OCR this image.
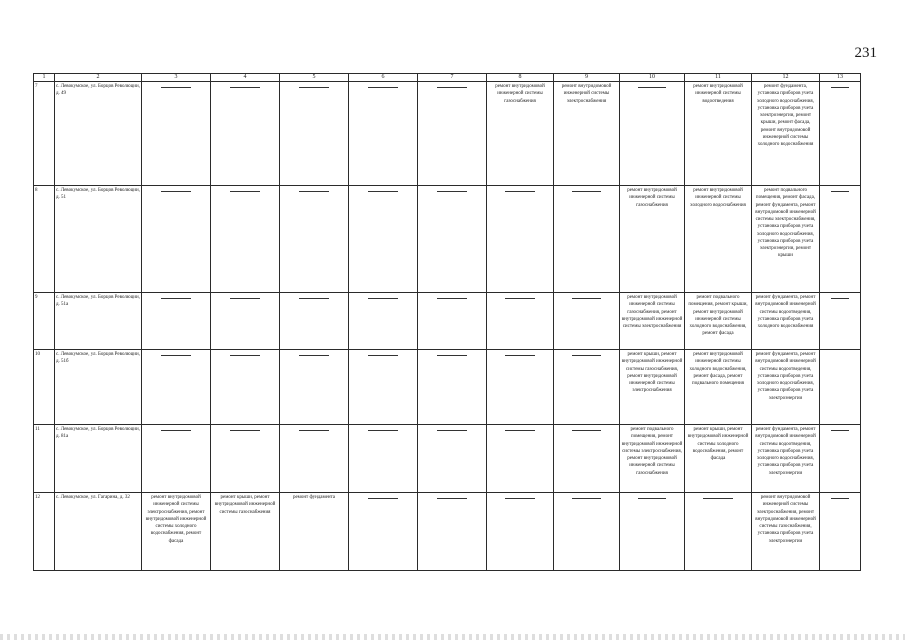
231
1	2	3	4	5	6	7	8	9	10	11	12	13
7	с. Левокумское, ул. Борцов Революции, д. 49						ремонт внутридомовой инженерной системы газоснабжения	ремонт внутридомовой инженерной системы электроснабжения		ремонт внутридомовой инженерной системы водоотведения	ремонт фундамента, установка приборов учета холодного водоснабжения, установка приборов учета электроэнергии, ремонт крыши, ремонт фасада, ремонт внутридомовой инженерной системы холодного водоснабжения	

8	с. Левокумское, ул. Борцов Революции, д. 51								ремонт внутридомовой инженерной системы газоснабжения	ремонт внутридомовой инженерной системы холодного водоснабжения	ремонт подвального помещения, ремонт фасада, ремонт фундамента, ремонт внутридомовой инженерной системы электроснабжения, установка приборов учета холодного водоснабжения, установка приборов учета электроэнергии, ремонт крыши	

9	с. Левокумское, ул. Борцов Революции, д. 51а								ремонт внутридомовой инженерной системы газоснабжения, ремонт внутридомовой инженерной системы электроснабжения	ремонт подвального помещения, ремонт крыши, ремонт внутридомовой инженерной системы холодного водоснабжения, ремонт фасада	ремонт фундамента, ремонт внутридомовой инженерной системы водоотведения, установка приборов учета холодного водоснабжения	

10	с. Левокумское, ул. Борцов Революции, д. 51б								ремонт крыши, ремонт внутридомовой инженерной системы газоснабжения, ремонт внутридомовой инженерной системы электроснабжения	ремонт внутридомовой инженерной системы холодного водоснабжения, ремонт фасада, ремонт подвального помещения	ремонт фундамента, ремонт внутридомовой инженерной системы водоотведения, установка приборов учета холодного водоснабжения, установка приборов учета электроэнергии	
11	с. Левокумское, ул. Борцов Революции, д. 81а								ремонт подвального помещения, ремонт внутридомовой инженерной системы электроснабжения, ремонт внутридомовой инженерной системы газоснабжения	ремонт крыши, ремонт внутридомовой инженерной системы холодного водоснабжения, ремонт фасада	ремонт фундамента, ремонт внутридомовой инженерной системы водоотведения, установка приборов учета холодного водоснабжения, установка приборов учета электроэнергии	

12	с. Левокумское, ул. Гагарина, д. 32	ремонт внутридомовой инженерной системы электроснабжения, ремонт внутридомовой инженерной системы холодного водоснабжения, ремонт фасада	ремонт крыши, ремонт внутридомовой инженерной системы газоснабжения	ремонт фундамента							ремонт внутридомовой инженерной системы электроснабжения, ремонт внутридомовой инженерной системы газоснабжения, установка приборов учета электроэнергии	
